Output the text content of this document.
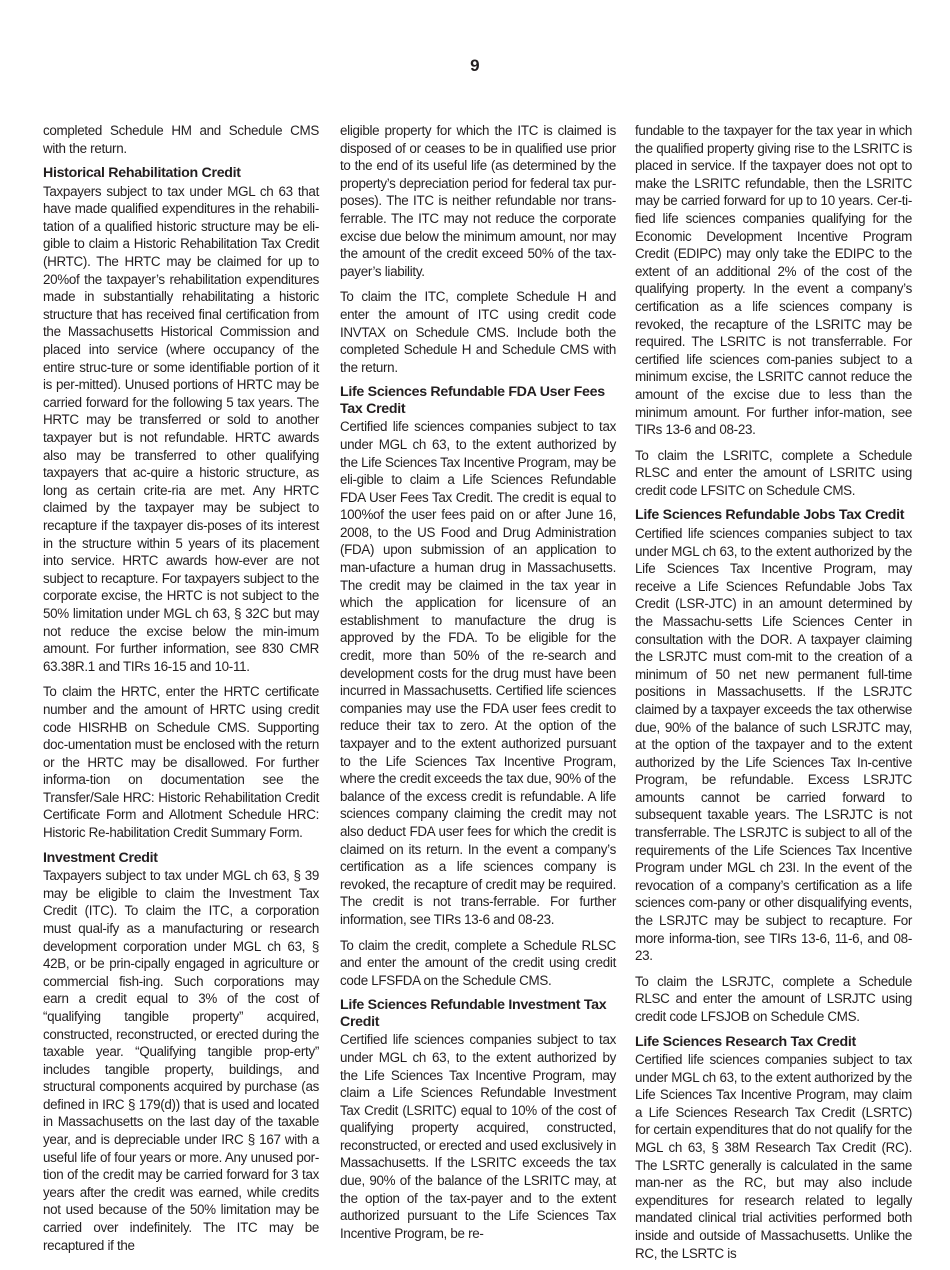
9

completed Schedule HM and Schedule CMS with the return.

Historical Rehabilitation Credit

Taxpayers subject to tax under MGL ch 63 that have made qualified expenditures in the rehabili-tation of a qualified historic structure may be eli-gible to claim a Historic Rehabilitation Tax Credit (HRTC). The HRTC may be claimed for up to 20%of the taxpayer’s rehabilitation expenditures made in substantially rehabilitating a historic structure that has received final certification from the Massachusetts Historical Commission and placed into service (where occupancy of the entire struc-ture or some identifiable portion of it is per-mitted). Unused portions of HRTC may be carried forward for the following 5 tax years. The HRTC may be transferred or sold to another taxpayer but is not refundable. HRTC awards also may be transferred to other qualifying taxpayers that ac-quire a historic structure, as long as certain crite-ria are met. Any HRTC claimed by the taxpayer may be subject to recapture if the taxpayer dis-poses of its interest in the structure within 5 years of its placement into service. HRTC awards how-ever are not subject to recapture. For taxpayers subject to the corporate excise, the HRTC is not subject to the 50% limitation under MGL ch 63, § 32C but may not reduce the excise below the min-imum amount. For further information, see 830 CMR 63.38R.1 and TIRs 16-15 and 10-11.

To claim the HRTC, enter the HRTC certificate number and the amount of HRTC using credit code HISRHB on Schedule CMS. Supporting doc-umentation must be enclosed with the return or the HRTC may be disallowed. For further informa-tion on documentation see the Transfer/Sale HRC: Historic Rehabilitation Credit Certificate Form and Allotment Schedule HRC: Historic Re-habilitation Credit Summary Form.

Investment Credit

Taxpayers subject to tax under MGL ch 63, § 39 may be eligible to claim the Investment Tax Credit (ITC). To claim the ITC, a corporation must qual-ify as a manufacturing or research development corporation under MGL ch 63, § 42B, or be prin-cipally engaged in agriculture or commercial fish-ing. Such corporations may earn a credit equal to 3% of the cost of “qualifying tangible property” acquired, constructed, reconstructed, or erected during the taxable year. “Qualifying tangible prop-erty” includes tangible property, buildings, and structural components acquired by purchase (as defined in IRC § 179(d)) that is used and located in Massachusetts on the last day of the taxable year, and is depreciable under IRC § 167 with a useful life of four years or more. Any unused por-tion of the credit may be carried forward for 3 tax years after the credit was earned, while credits not used because of the 50% limitation may be carried over indefinitely. The ITC may be recaptured if the

eligible property for which the ITC is claimed is disposed of or ceases to be in qualified use prior to the end of its useful life (as determined by the property’s depreciation period for federal tax pur-poses). The ITC is neither refundable nor trans-ferrable. The ITC may not reduce the corporate excise due below the minimum amount, nor may the amount of the credit exceed 50% of the tax-payer’s liability.

To claim the ITC, complete Schedule H and enter the amount of ITC using credit code INVTAX on Schedule CMS. Include both the completed Schedule H and Schedule CMS with the return.

Life Sciences Refundable FDA User Fees Tax Credit

Certified life sciences companies subject to tax under MGL ch 63, to the extent authorized by the Life Sciences Tax Incentive Program, may be eli-gible to claim a Life Sciences Refundable FDA User Fees Tax Credit. The credit is equal to 100%of the user fees paid on or after June 16, 2008, to the US Food and Drug Administration (FDA) upon submission of an application to man-ufacture a human drug in Massachusetts. The credit may be claimed in the tax year in which the application for licensure of an establishment to manufacture the drug is approved by the FDA. To be eligible for the credit, more than 50% of the re-search and development costs for the drug must have been incurred in Massachusetts. Certified life sciences companies may use the FDA user fees credit to reduce their tax to zero. At the option of the taxpayer and to the extent authorized pursuant to the Life Sciences Tax Incentive Program, where the credit exceeds the tax due, 90% of the balance of the excess credit is refundable. A life sciences company claiming the credit may not also deduct FDA user fees for which the credit is claimed on its return. In the event a company’s certification as a life sciences company is revoked, the recapture of credit may be required. The credit is not trans-ferrable. For further information, see TIRs 13-6 and 08-23.

To claim the credit, complete a Schedule RLSC and enter the amount of the credit using credit code LFSFDA on the Schedule CMS.

Life Sciences Refundable Investment Tax Credit

Certified life sciences companies subject to tax under MGL ch 63, to the extent authorized by the Life Sciences Tax Incentive Program, may claim a Life Sciences Refundable Investment Tax Credit (LSRITC) equal to 10% of the cost of qualifying property acquired, constructed, reconstructed, or erected and used exclusively in Massachusetts. If the LSRITC exceeds the tax due, 90% of the balance of the LSRITC may, at the option of the tax-payer and to the extent authorized pursuant to the Life Sciences Tax Incentive Program, be re-

fundable to the taxpayer for the tax year in which the qualified property giving rise to the LSRITC is placed in service. If the taxpayer does not opt to make the LSRITC refundable, then the LSRITC may be carried forward for up to 10 years. Cer-ti-fied life sciences companies qualifying for the Economic Development Incentive Program Credit (EDIPC) may only take the EDIPC to the extent of an additional 2% of the cost of the qualifying property. In the event a company’s certification as a life sciences company is revoked, the recapture of the LSRITC may be required. The LSRITC is not transferrable. For certified life sciences com-panies subject to a minimum excise, the LSRITC cannot reduce the amount of the excise due to less than the minimum amount. For further infor-mation, see TIRs 13-6 and 08-23.

To claim the LSRITC, complete a Schedule RLSC and enter the amount of LSRITC using credit code LFSITC on Schedule CMS.

Life Sciences Refundable Jobs Tax Credit

Certified life sciences companies subject to tax under MGL ch 63, to the extent authorized by the Life Sciences Tax Incentive Program, may receive a Life Sciences Refundable Jobs Tax Credit (LSR-JTC) in an amount determined by the Massachu-setts Life Sciences Center in consultation with the DOR. A taxpayer claiming the LSRJTC must com-mit to the creation of a minimum of 50 net new permanent full-time positions in Massachusetts. If the LSRJTC claimed by a taxpayer exceeds the tax otherwise due, 90% of the balance of such LSRJTC may, at the option of the taxpayer and to the extent authorized by the Life Sciences Tax In-centive Program, be refundable. Excess LSRJTC amounts cannot be carried forward to subsequent taxable years. The LSRJTC is not transferrable. The LSRJTC is subject to all of the requirements of the Life Sciences Tax Incentive Program under MGL ch 23I. In the event of the revocation of a company’s certification as a life sciences com-pany or other disqualifying events, the LSRJTC may be subject to recapture. For more informa-tion, see TIRs 13-6, 11-6, and 08-23.

To claim the LSRJTC, complete a Schedule RLSC and enter the amount of LSRJTC using credit code LFSJOB on Schedule CMS.

Life Sciences Research Tax Credit

Certified life sciences companies subject to tax under MGL ch 63, to the extent authorized by the Life Sciences Tax Incentive Program, may claim a Life Sciences Research Tax Credit (LSRTC) for certain expenditures that do not qualify for the MGL ch 63, § 38M Research Tax Credit (RC). The LSRTC generally is calculated in the same man-ner as the RC, but may also include expenditures for research related to legally mandated clinical trial activities performed both inside and outside of Massachusetts. Unlike the RC, the LSRTC is
